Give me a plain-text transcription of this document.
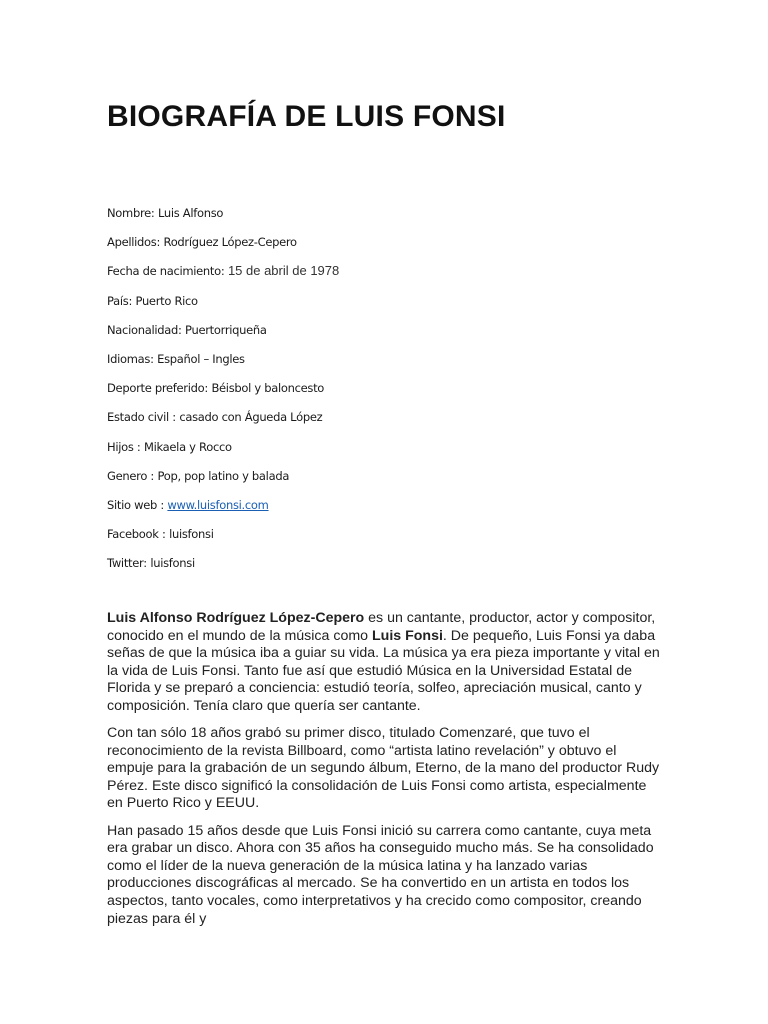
BIOGRAFÍA DE LUIS FONSI
Nombre: Luis Alfonso
Apellidos: Rodríguez López-Cepero
Fecha de nacimiento: 15 de abril de 1978
País: Puerto Rico
Nacionalidad: Puertorriqueña
Idiomas: Español – Ingles
Deporte preferido: Béisbol y baloncesto
Estado civil : casado con Águeda López
Hijos : Mikaela y Rocco
Genero : Pop, pop latino y balada
Sitio web : www.luisfonsi.com
Facebook : luisfonsi
Twitter: luisfonsi

Luis Alfonso Rodríguez López-Cepero es un cantante, productor, actor y compositor, conocido en el mundo de la música como Luis Fonsi. De pequeño, Luis Fonsi ya daba señas de que la música iba a guiar su vida. La música ya era pieza importante y vital en la vida de Luis Fonsi. Tanto fue así que estudió Música en la Universidad Estatal de Florida y se preparó a conciencia: estudió teoría, solfeo, apreciación musical, canto y composición. Tenía claro que quería ser cantante.

Con tan sólo 18 años grabó su primer disco, titulado Comenzaré, que tuvo el reconocimiento de la revista Billboard, como “artista latino revelación” y obtuvo el empuje para la grabación de un segundo álbum, Eterno, de la mano del productor Rudy Pérez. Este disco significó la consolidación de Luis Fonsi como artista, especialmente en Puerto Rico y EEUU.

Han pasado 15 años desde que Luis Fonsi inició su carrera como cantante, cuya meta era grabar un disco. Ahora con 35 años ha conseguido mucho más. Se ha consolidado como el líder de la nueva generación de la música latina y ha lanzado varias producciones discográficas al mercado. Se ha convertido en un artista en todos los aspectos, tanto vocales, como interpretativos y ha crecido como compositor, creando piezas para él y
